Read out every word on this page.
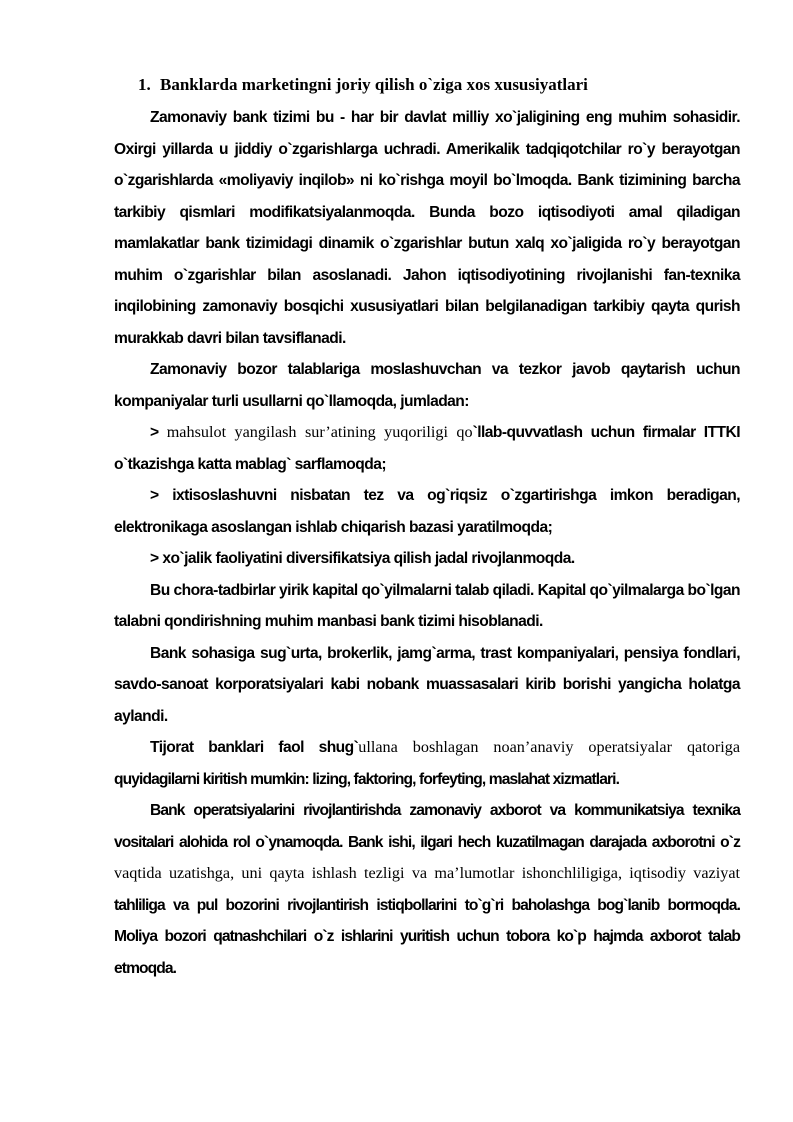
1. Banklarda marketingni joriy qilish o`ziga xos xususiyatlari

Zamonaviy bank tizimi bu - har bir davlat milliy xo`jaligining eng muhim sohasidir. Oxirgi yillarda u jiddiy o`zgarishlarga uchradi. Amerikalik tadqiqotchilar ro`y berayotgan o`zgarishlarda «moliyaviy inqilob» ni ko`rishga moyil bo`lmoqda. Bank tizimining barcha tarkibiy qismlari modifikatsiyalanmoqda. Bunda bozo iqtisodiyoti amal qiladigan mamlakatlar bank tizimidagi dinamik o`zgarishlar butun xalq xo`jaligida ro`y berayotgan muhim o`zgarishlar bilan asoslanadi. Jahon iqtisodiyotining rivojlanishi fan-texnika inqilobining zamonaviy bosqichi xususiyatlari bilan belgilanadigan tarkibiy qayta qurish murakkab davri bilan tavsiflanadi.

Zamonaviy bozor talablariga moslashuvchan va tezkor javob qaytarish uchun kompaniyalar turli usullarni qo`llamoqda, jumladan:

> mahsulot yangilash sur’atining yuqoriligi qo`llab-quvvatlash uchun firmalar ITTKI o`tkazishga katta mablag` sarflamoqda;

> ixtisoslashuvni nisbatan tez va og`riqsiz o`zgartirishga imkon beradigan, elektronikaga asoslangan ishlab chiqarish bazasi yaratilmoqda;

> xo`jalik faoliyatini diversifikatsiya qilish jadal rivojlanmoqda.

Bu chora-tadbirlar yirik kapital qo`yilmalarni talab qiladi. Kapital qo`yilmalarga bo`lgan talabni qondirishning muhim manbasi bank tizimi hisoblanadi.

Bank sohasiga sug`urta, brokerlik, jamg`arma, trast kompaniyalari, pensiya fondlari, savdo-sanoat korporatsiyalari kabi nobank muassasalari kirib borishi yangicha holatga aylandi.

Tijorat banklari faol shug`ullana boshlagan noan’anaviy operatsiyalar qatoriga quyidagilarni kiritish mumkin: lizing, faktoring, forfeyting, maslahat xizmatlari.

Bank operatsiyalarini rivojlantirishda zamonaviy axborot va kommunikatsiya texnika vositalari alohida rol o`ynamoqda. Bank ishi, ilgari hech kuzatilmagan darajada axborotni o`z vaqtida uzatishga, uni qayta ishlash tezligi va ma’lumotlar ishonchliligiga, iqtisodiy vaziyat tahliliga va pul bozorini rivojlantirish istiqbollarini to`g`ri baholashga bog`lanib bormoqda. Moliya bozori qatnashchilari o`z ishlarini yuritish uchun tobora ko`p hajmda axborot talab etmoqda.
